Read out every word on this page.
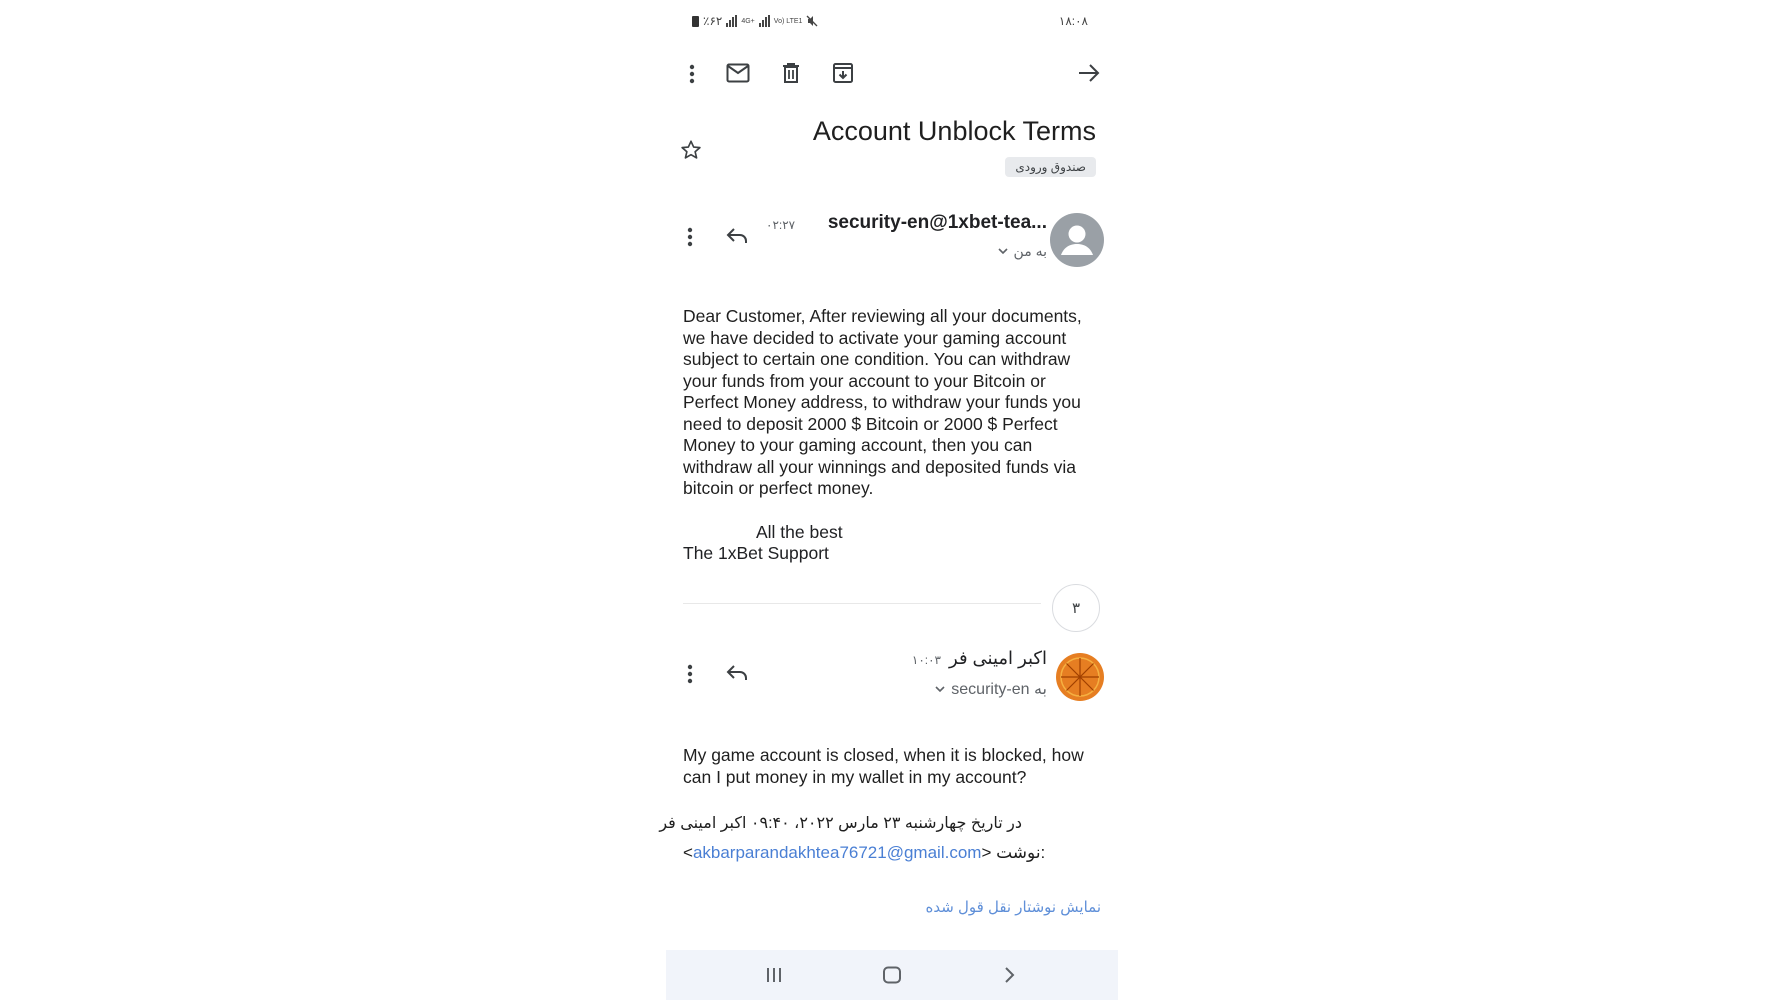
٪۶۲	4G+	Vo) LTE1	۱۸:۰۸
Account Unblock Terms
صندوق ورودی
۰۲:۲۷ security-en@1xbet-tea...
به من
Dear Customer, After reviewing all your documents, we have decided to activate your gaming account subject to certain one condition. You can withdraw your funds from your account to your Bitcoin or Perfect Money address, to withdraw your funds you need to deposit 2000 $ Bitcoin or 2000 $ Perfect Money to your gaming account, then you can withdraw all your winnings and deposited funds via bitcoin or perfect money.
All the best
The 1xBet Support
۳
اکبر امینی فر
۱۰:۰۳
به security-en
My game account is closed, when it is blocked, how can I put money in my wallet in my account?
در تاریخ چهارشنبه ۲۳ مارس ۲۰۲۲، ۰۹:۴۰ اکبر امینی فر
<akbarparandakhtea76721@gmail.com> نوشت:
نمایش نوشتار نقل قول شده
